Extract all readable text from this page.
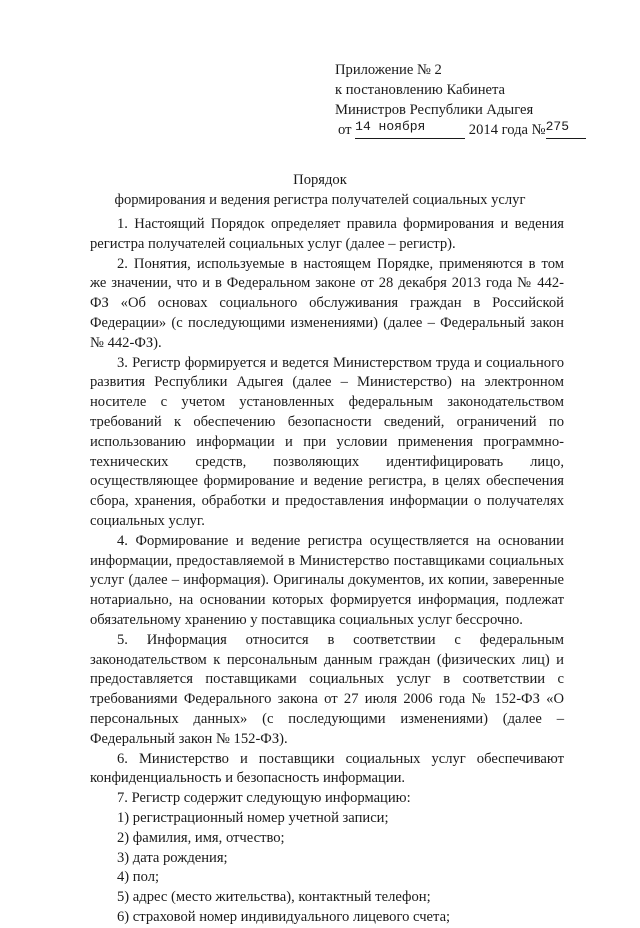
Приложение № 2
к постановлению Кабинета
Министров Республики Адыгея
от 14 ноября	2014 года №275
Порядок
формирования и ведения регистра получателей социальных услуг

1. Настоящий Порядок определяет правила формирования и ведения регистра получателей социальных услуг (далее – регистр).

2. Понятия, используемые в настоящем Порядке, применяются в том же значении, что и в Федеральном законе от 28 декабря 2013 года № 442-ФЗ «Об основах социального обслуживания граждан в Российской Федерации» (с последующими изменениями) (далее – Федеральный закон № 442-ФЗ).

3. Регистр формируется и ведется Министерством труда и социального развития Республики Адыгея (далее – Министерство) на электронном носителе с учетом установленных федеральным законодательством требований к обеспечению безопасности сведений, ограничений по использованию информации и при условии применения программно-технических средств, позволяющих идентифицировать лицо, осуществляющее формирование и ведение регистра, в целях обеспечения сбора, хранения, обработки и предоставления информации о получателях социальных услуг.

4. Формирование и ведение регистра осуществляется на основании информации, предоставляемой в Министерство поставщиками социальных услуг (далее – информация). Оригиналы документов, их копии, заверенные нотариально, на основании которых формируется информация, подлежат обязательному хранению у поставщика социальных услуг бессрочно.

5. Информация относится в соответствии с федеральным законодательством к персональным данным граждан (физических лиц) и предоставляется поставщиками социальных услуг в соответствии с требованиями Федерального закона от 27 июля 2006 года № 152-ФЗ «О персональных данных» (с последующими изменениями) (далее – Федеральный закон № 152-ФЗ).

6. Министерство и поставщики социальных услуг обеспечивают конфиденциальность и безопасность информации.

7. Регистр содержит следующую информацию:

1) регистрационный номер учетной записи;

2) фамилия, имя, отчество;

3) дата рождения;

4) пол;

5) адрес (место жительства), контактный телефон;

6) страховой номер индивидуального лицевого счета;
